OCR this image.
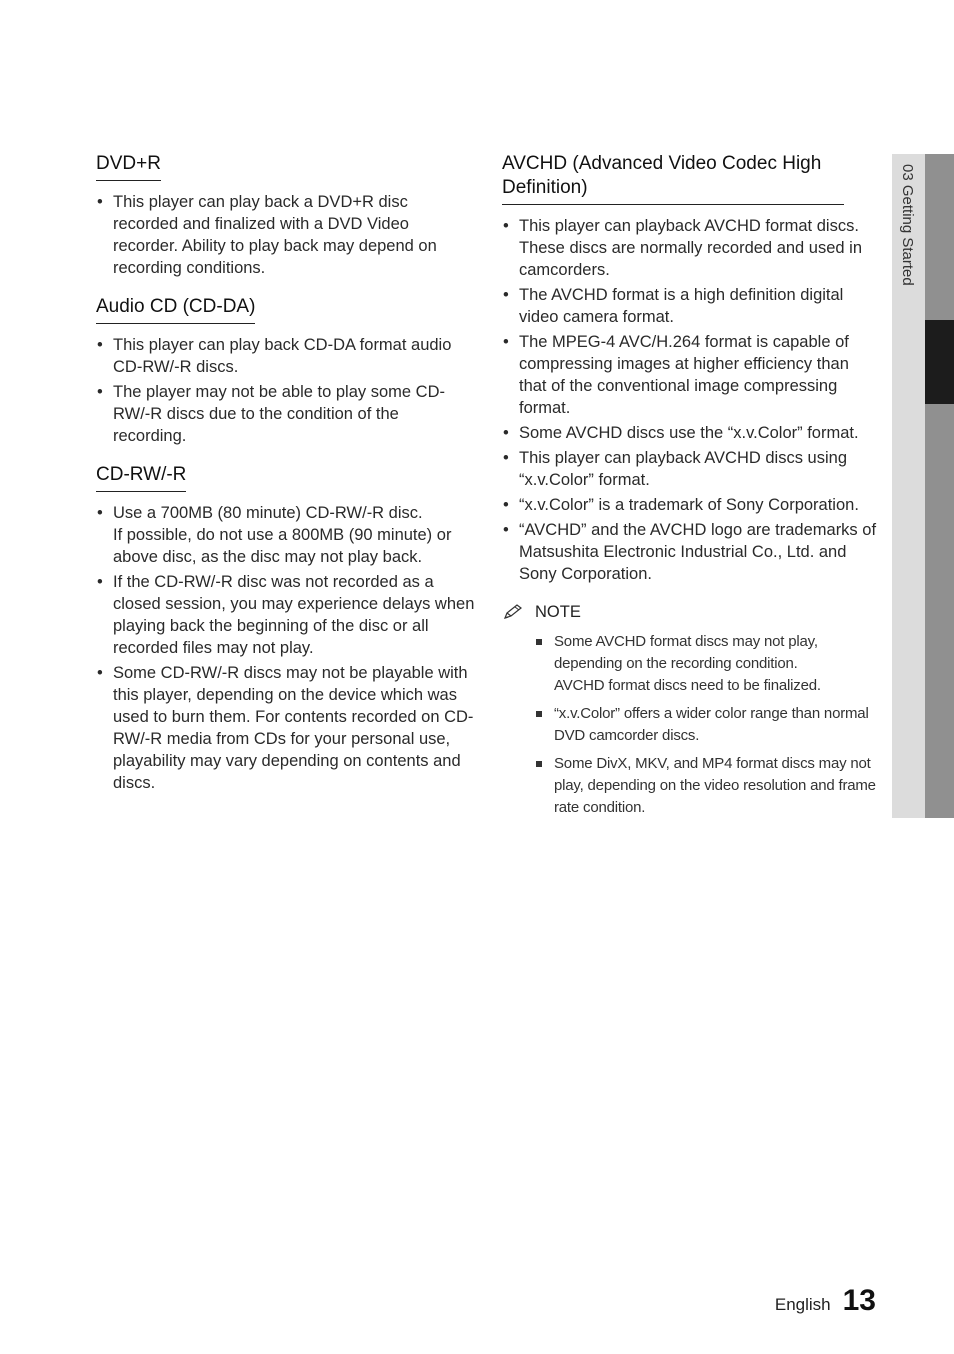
DVD+R
• This player can play back a DVD+R disc recorded and finalized with a DVD Video recorder. Ability to play back may depend on recording conditions.
Audio CD (CD-DA)
• This player can play back CD-DA format audio CD-RW/-R discs.
• The player may not be able to play some CD-RW/-R discs due to the condition of the recording.
CD-RW/-R
• Use a 700MB (80 minute) CD-RW/-R disc.
If possible, do not use a 800MB (90 minute) or above disc, as the disc may not play back.
• If the CD-RW/-R disc was not recorded as a closed session, you may experience delays when playing back the beginning of the disc or all recorded files may not play.
• Some CD-RW/-R discs may not be playable with this player, depending on the device which was used to burn them. For contents recorded on CD-RW/-R media from CDs for your personal use, playability may vary depending on contents and discs.
AVCHD (Advanced Video Codec High Definition)
• This player can playback AVCHD format discs. These discs are normally recorded and used in camcorders.
• The AVCHD format is a high definition digital video camera format.
• The MPEG-4 AVC/H.264 format is capable of compressing images at higher efficiency than that of the conventional image compressing format.
• Some AVCHD discs use the “x.v.Color” format.
• This player can playback AVCHD discs using “x.v.Color” format.
• “x.v.Color” is a trademark of Sony Corporation.
• “AVCHD” and the AVCHD logo are trademarks of Matsushita Electronic Industrial Co., Ltd. and Sony Corporation.
NOTE
Some AVCHD format discs may not play, depending on the recording condition.
AVCHD format discs need to be finalized.
“x.v.Color” offers a wider color range than normal DVD camcorder discs.
Some DivX, MKV, and MP4 format discs may not play, depending on the video resolution and frame rate condition.
03 Getting Started
English 13
